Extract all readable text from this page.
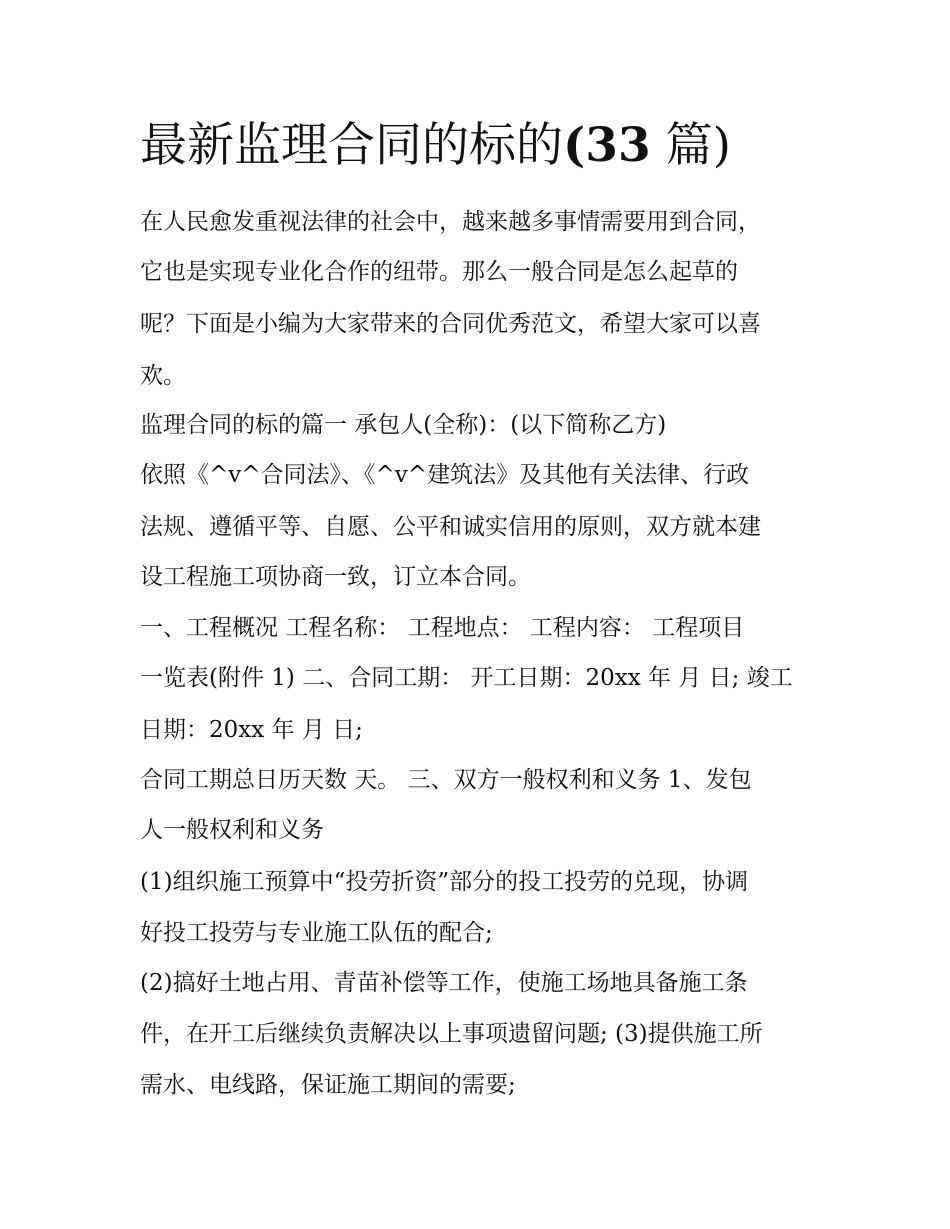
最新监理合同的标的(33 篇)

在人民愈发重视法律的社会中，越来越多事情需要用到合同，

它也是实现专业化合作的纽带。那么一般合同是怎么起草的

呢？下面是小编为大家带来的合同优秀范文，希望大家可以喜

欢。

监理合同的标的篇一 承包人(全称)：(以下简称乙方)

依照《^v^合同法》、《^v^建筑法》及其他有关法律、行政

法规、遵循平等、自愿、公平和诚实信用的原则，双方就本建

设工程施工项协商一致，订立本合同。

一、工程概况 工程名称： 工程地点： 工程内容： 工程项目

一览表(附件 1) 二、合同工期： 开工日期：20xx 年 月 日; 竣工

日期：20xx 年 月 日;

合同工期总日历天数 天。 三、双方一般权利和义务 1、发包

人一般权利和义务

(1)组织施工预算中“投劳折资”部分的投工投劳的兑现，协调

好投工投劳与专业施工队伍的配合;

(2)搞好土地占用、青苗补偿等工作，使施工场地具备施工条

件，在开工后继续负责解决以上事项遗留问题; (3)提供施工所

需水、电线路，保证施工期间的需要;
